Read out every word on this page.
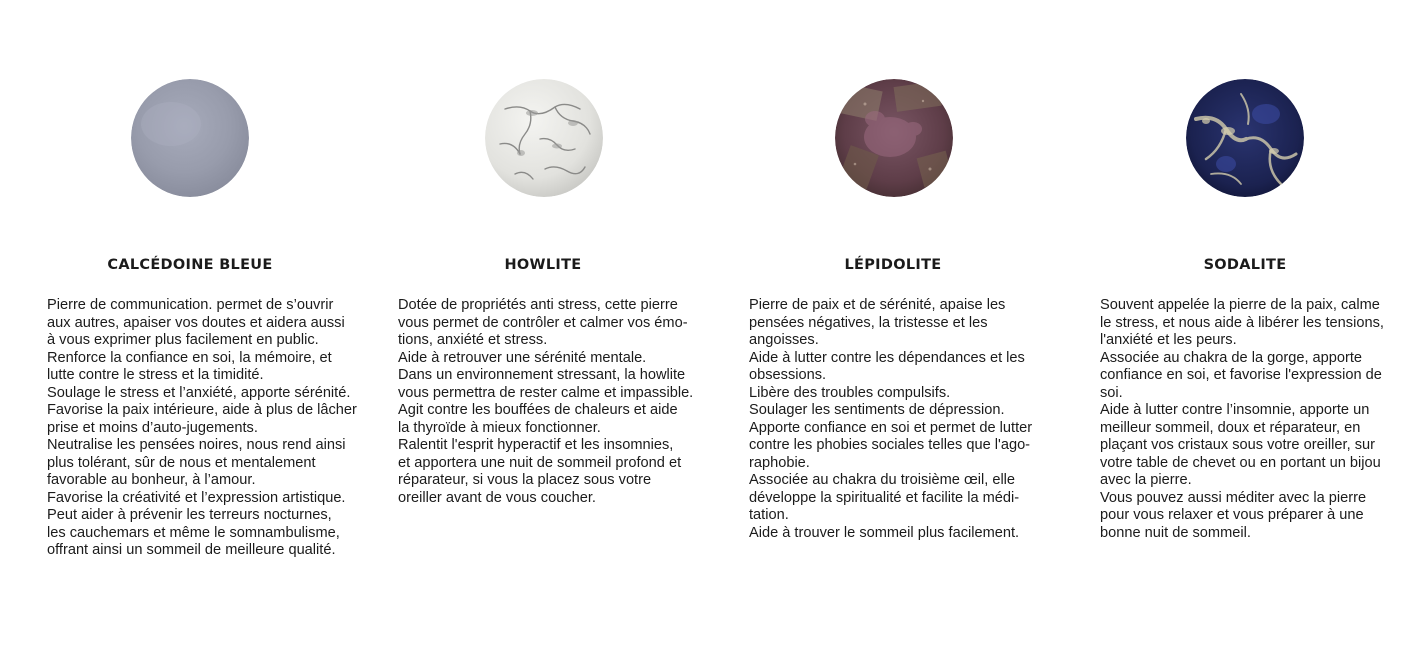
CALCÉDOINE BLEUE
Pierre de communication. permet de s’ouvrir
aux autres, apaiser vos doutes et aidera aussi
à vous exprimer plus facilement en public.
Renforce la confiance en soi, la mémoire, et
lutte contre le stress et la timidité.
Soulage le stress et l’anxiété, apporte sérénité.
Favorise la paix intérieure, aide à plus de lâcher
prise et moins d’auto-jugements.
Neutralise les pensées noires, nous rend ainsi
plus tolérant, sûr de nous et mentalement
favorable au bonheur, à l’amour.
Favorise la créativité et l’expression artistique.
Peut aider à prévenir les terreurs nocturnes,
les cauchemars et même le somnambulisme,
offrant ainsi un sommeil de meilleure qualité.
HOWLITE
Dotée de propriétés anti stress, cette pierre
vous permet de contrôler et calmer vos émo-
tions, anxiété et stress.
Aide à retrouver une sérénité mentale.
Dans un environnement stressant, la howlite
vous permettra de rester calme et impassible.
Agit contre les bouffées de chaleurs et aide
la thyroïde à mieux fonctionner.
Ralentit l'esprit hyperactif et les insomnies,
et apportera une nuit de sommeil profond et
réparateur, si vous la placez sous votre
oreiller avant de vous coucher.
LÉPIDOLITE
Pierre de paix et de sérénité, apaise les
pensées négatives, la tristesse et les
angoisses.
Aide à lutter contre les dépendances et les
obsessions.
Libère des troubles compulsifs.
Soulager les sentiments de dépression.
Apporte confiance en soi et permet de lutter
contre les phobies sociales telles que l'ago-
raphobie.
Associée au chakra du troisième œil, elle
développe la spiritualité et facilite la médi-
tation.
Aide à trouver le sommeil plus facilement.
SODALITE
Souvent appelée la pierre de la paix, calme
le stress, et nous aide à libérer les tensions,
l'anxiété et les peurs.
Associée au chakra de la gorge, apporte
confiance en soi, et favorise l'expression de
soi.
Aide à lutter contre l’insomnie, apporte un
meilleur sommeil, doux et réparateur, en
plaçant vos cristaux sous votre oreiller, sur
votre table de chevet ou en portant un bijou
avec la pierre.
Vous pouvez aussi méditer avec la pierre
pour vous relaxer et vous préparer à une
bonne nuit de sommeil.
